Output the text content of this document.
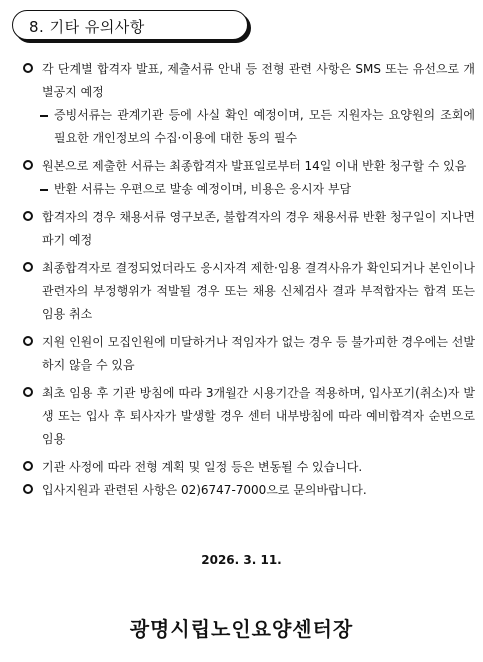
8. 기타 유의사항
각 단계별 합격자 발표, 제출서류 안내 등 전형 관련 사항은 SMS 또는 유선으로 개별공지 예정
증빙서류는 관계기관 등에 사실 확인 예정이며, 모든 지원자는 요양원의 조회에 필요한 개인정보의 수집·이용에 대한 동의 필수
원본으로 제출한 서류는 최종합격자 발표일로부터 14일 이내 반환 청구할 수 있음
반환 서류는 우편으로 발송 예정이며, 비용은 응시자 부담
합격자의 경우 채용서류 영구보존, 불합격자의 경우 채용서류 반환 청구일이 지나면 파기 예정
최종합격자로 결정되었더라도 응시자격 제한·임용 결격사유가 확인되거나 본인이나 관련자의 부정행위가 적발될 경우 또는 채용 신체검사 결과 부적합자는 합격 또는 임용 취소
지원 인원이 모집인원에 미달하거나 적임자가 없는 경우 등 불가피한 경우에는 선발하지 않을 수 있음
최초 임용 후 기관 방침에 따라 3개월간 시용기간을 적용하며, 입사포기(취소)자 발생 또는 입사 후 퇴사자가 발생할 경우 센터 내부방침에 따라 예비합격자 순번으로 임용
기관 사정에 따라 전형 계획 및 일정 등은 변동될 수 있습니다.
입사지원과 관련된 사항은 02)6747-7000으로 문의바랍니다.
2026. 3. 11.
광명시립노인요양센터장
